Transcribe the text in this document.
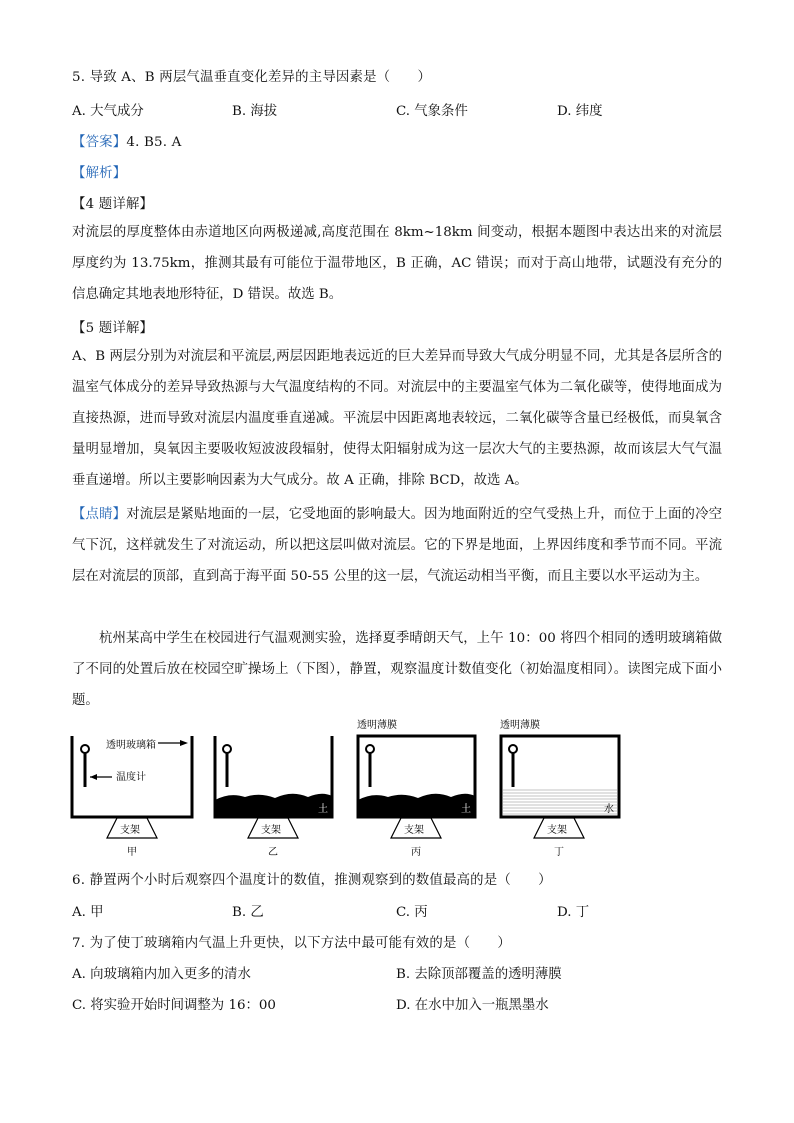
5. 导致 A、B 两层气温垂直变化差异的主导因素是（　　）
A. 大气成分	B. 海拔	C. 气象条件	D. 纬度
【答案】4. B5. A
【解析】
【4 题详解】
对流层的厚度整体由赤道地区向两极递减,高度范围在 8km~18km 间变动，根据本题图中表达出来的对流层厚度约为 13.75km，推测其最有可能位于温带地区，B 正确，AC 错误；而对于高山地带，试题没有充分的信息确定其地表地形特征，D 错误。故选 B。
【5 题详解】
A、B 两层分别为对流层和平流层,两层因距地表远近的巨大差异而导致大气成分明显不同，尤其是各层所含的温室气体成分的差异导致热源与大气温度结构的不同。对流层中的主要温室气体为二氧化碳等，使得地面成为直接热源，进而导致对流层内温度垂直递减。平流层中因距离地表较远，二氧化碳等含量已经极低，而臭氧含量明显增加，臭氧因主要吸收短波波段辐射，使得太阳辐射成为这一层次大气的主要热源，故而该层大气气温垂直递增。所以主要影响因素为大气成分。故 A 正确，排除 BCD，故选 A。
【点睛】对流层是紧贴地面的一层，它受地面的影响最大。因为地面附近的空气受热上升，而位于上面的冷空气下沉，这样就发生了对流运动，所以把这层叫做对流层。它的下界是地面，上界因纬度和季节而不同。平流层在对流层的顶部，直到高于海平面 50-55 公里的这一层，气流运动相当平衡，而且主要以水平运动为主。
杭州某高中学生在校园进行气温观测实验，选择夏季晴朗天气，上午 10：00 将四个相同的透明玻璃箱做了不同的处置后放在校园空旷操场上（下图），静置，观察温度计数值变化（初始温度相同）。读图完成下面小题。
透明玻璃箱
温度计
支架
甲
土
支架
乙
透明薄膜
土
支架
丙
透明薄膜
水
支架
丁
6. 静置两个小时后观察四个温度计的数值，推测观察到的数值最高的是（　　）
A. 甲	B. 乙	C. 丙	D. 丁
7. 为了使丁玻璃箱内气温上升更快，以下方法中最可能有效的是（　　）
A. 向玻璃箱内加入更多的清水	B. 去除顶部覆盖的透明薄膜
C. 将实验开始时间调整为 16：00	D. 在水中加入一瓶黑墨水
